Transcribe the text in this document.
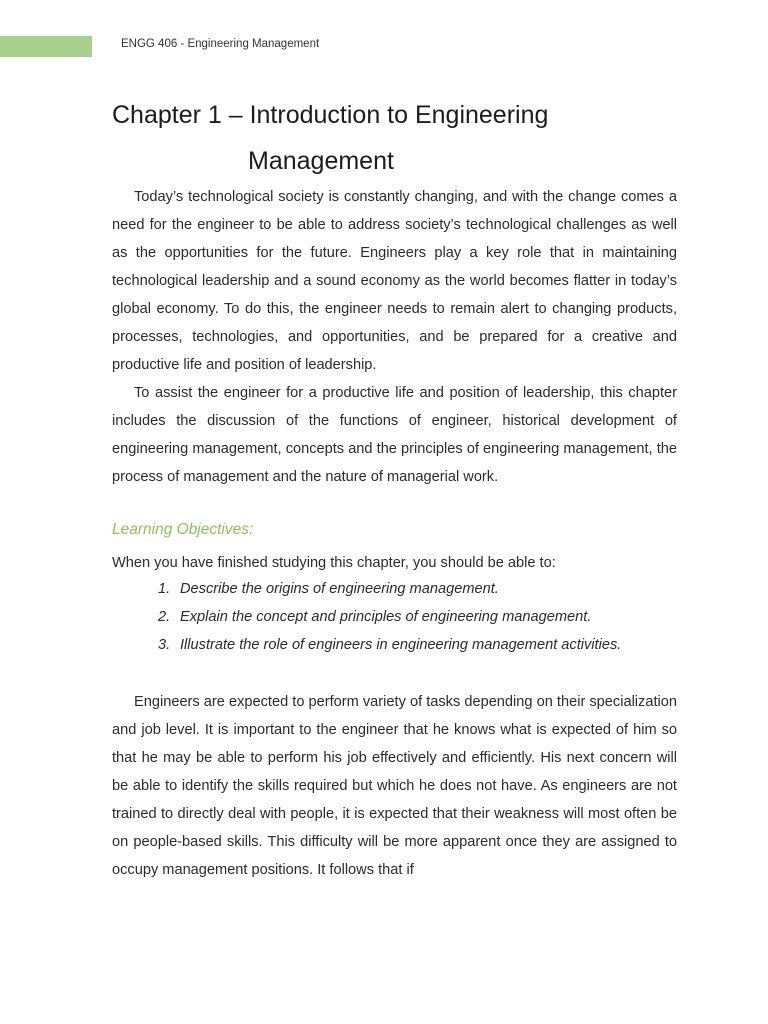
ENGG 406 - Engineering Management
Chapter 1 – Introduction to Engineering
Management

Today’s technological society is constantly changing, and with the change comes a need for the engineer to be able to address society’s technological challenges as well as the opportunities for the future. Engineers play a key role that in maintaining technological leadership and a sound economy as the world becomes flatter in today’s global economy. To do this, the engineer needs to remain alert to changing products, processes, technologies, and opportunities, and be prepared for a creative and productive life and position of leadership.

To assist the engineer for a productive life and position of leadership, this chapter includes the discussion of the functions of engineer, historical development of engineering management, concepts and the principles of engineering management, the process of management and the nature of managerial work.

Learning Objectives:
When you have finished studying this chapter, you should be able to:
1. Describe the origins of engineering management.
2. Explain the concept and principles of engineering management.
3. Illustrate the role of engineers in engineering management activities.

Engineers are expected to perform variety of tasks depending on their specialization and job level. It is important to the engineer that he knows what is expected of him so that he may be able to perform his job effectively and efficiently. His next concern will be able to identify the skills required but which he does not have. As engineers are not trained to directly deal with people, it is expected that their weakness will most often be on people-based skills. This difficulty will be more apparent once they are assigned to occupy management positions. It follows that if
